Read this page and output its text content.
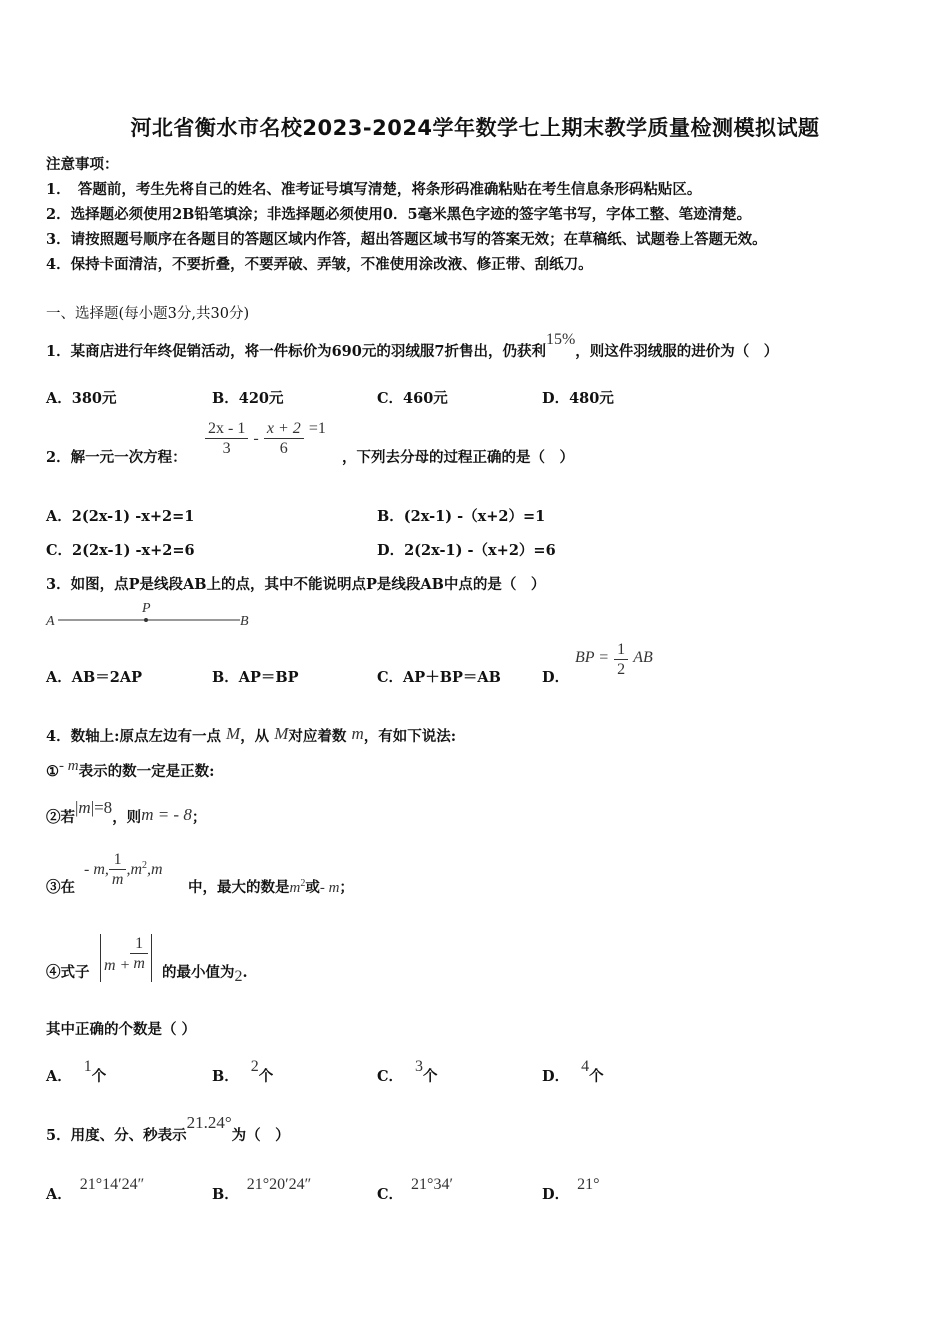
河北省衡水市名校2023-2024学年数学七上期末教学质量检测模拟试题
注意事项：
1．　答题前，考生先将自己的姓名、准考证号填写清楚，将条形码准确粘贴在考生信息条形码粘贴区。
2．选择题必须使用2B铅笔填涂；非选择题必须使用0．5毫米黑色字迹的签字笔书写，字体工整、笔迹清楚。
3．请按照题号顺序在各题目的答题区域内作答，超出答题区域书写的答案无效；在草稿纸、试题卷上答题无效。
4．保持卡面清洁，不要折叠，不要弄破、弄皱，不准使用涂改液、修正带、刮纸刀。
一、选择题(每小题3分,共30分)
1．某商店进行年终促销活动，将一件标价为690元的羽绒服7折售出，仍获利15%，则这件羽绒服的进价为（　）
A．380元	B．420元	C．460元	D．480元
2．解一元一次方程： $\frac{2x - 1}{3} - \frac{x + 2}{6} =1$
，下列去分母的过程正确的是（　）
A．2(2x-1) -x+2=1	B．(2x-1) -（x+2）=1
C．2(2x-1) -x+2=6	D．2(2x-1) -（x+2）=6
3．如图，点P是线段AB上的点，其中不能说明点P是线段AB中点的是（　）
A
P
B
A．AB＝2AP	B．AP＝BP	C．AP＋BP＝AB	D．
BP = $\frac{1}{2}$ AB
4．数轴上:原点左边有一点 M，从 M对应着数 m，有如下说法:
①- m表示的数一定是正数:
②若|m|=8，则m = - 8；
③在
- m, $\frac{1}{m} ,m^2,m$
中，最大的数是$m^2$或- m；
④式子 $m + \frac{1}{m}$ 的最小值为2.
其中正确的个数是（ ）
A．1个	B．2个	C．3个	D．4个
5．用度、分、秒表示21.24°为（　）
A．21°14′24″
B．21°20′24″
C．21°34′
D．21°
